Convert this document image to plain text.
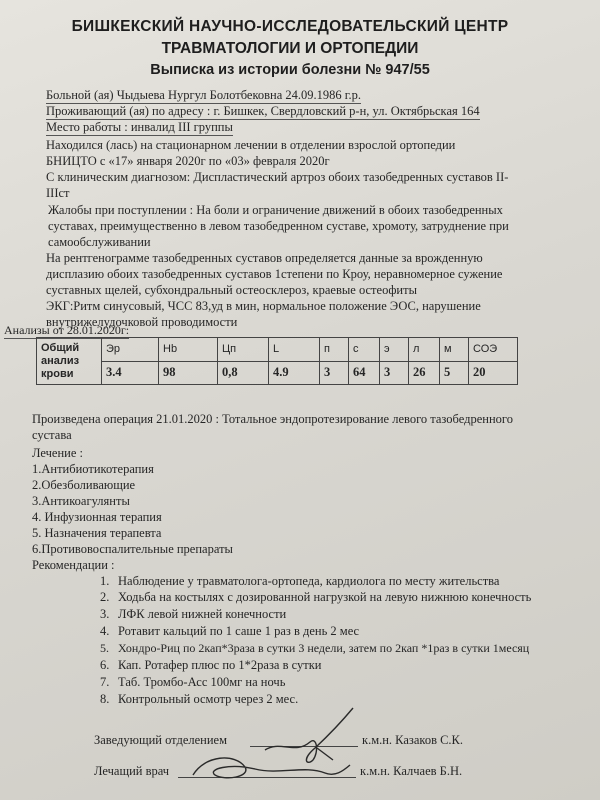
БИШКЕКСКИЙ НАУЧНО-ИССЛЕДОВАТЕЛЬСКИЙ ЦЕНТР
ТРАВМАТОЛОГИИ И ОРТОПЕДИИ
Выписка из истории болезни № 947/55
Больной (ая) Чыдыева Нургул Болотбековна 24.09.1986 г.р.
Проживающий (ая) по адресу : г. Бишкек, Свердловский р-н, ул. Октябрьская 164
Место работы : инвалид III группы
Находился (лась) на стационарном лечении в отделении взрослой ортопедии
БНИЦТО с «17» января 2020г по «03» февраля 2020г
С клиническим диагнозом: Диспластический артроз обоих тазобедренных суставов II-
IIIст
Жалобы при поступлении : На боли и ограничение движений в обоих тазобедренных
суставах, преимущественно в левом тазобедренном суставе, хромоту, затруднение при
самообслуживании
На рентгенограмме тазобедренных суставов определяется данные за врожденную
дисплазию обоих тазобедренных суставов 1степени по Кроу, неравномерное сужение
суставных щелей, субхондральный остеосклероз, краевые остеофиты
ЭКГ:Ритм синусовый, ЧСС 83,уд в мин, нормальное положение ЭОС, нарушение
внутрижелудочковой проводимости
Анализы от 28.01.2020г:
Общий анализ крови	Эр	Hb	Цп	L	п	с	э	л	м	СОЭ
	3.4	98	0,8	4.9	3	64	3	26	5	20
Произведена операция 21.01.2020 : Тотальное эндопротезирование левого тазобедренного
сустава
Лечение :
1.Антибиотикотерапия
2.Обезболивающие
3.Антикоагулянты
4. Инфузионная терапия
5. Назначения терапевта
6.Противовоспалительные препараты
Рекомендации :
1. Наблюдение у травматолога-ортопеда, кардиолога по месту жительства
2. Ходьба на костылях с дозированной нагрузкой на левую нижнюю конечность
3. ЛФК левой нижней конечности
4. Ротавит кальций по 1 саше 1 раз в день 2 мес
5. Хондро-Риц по 2кап*3раза в сутки 3 недели, затем по 2кап *1раз в сутки 1месяц
6. Кап. Ротафер плюс по 1*2раза в сутки
7. Таб. Тромбо-Асс 100мг на ночь
8. Контрольный осмотр через 2 мес.
Заведующий отделением	к.м.н. Казаков С.К.
Лечащий врач	к.м.н. Калчаев Б.Н.
